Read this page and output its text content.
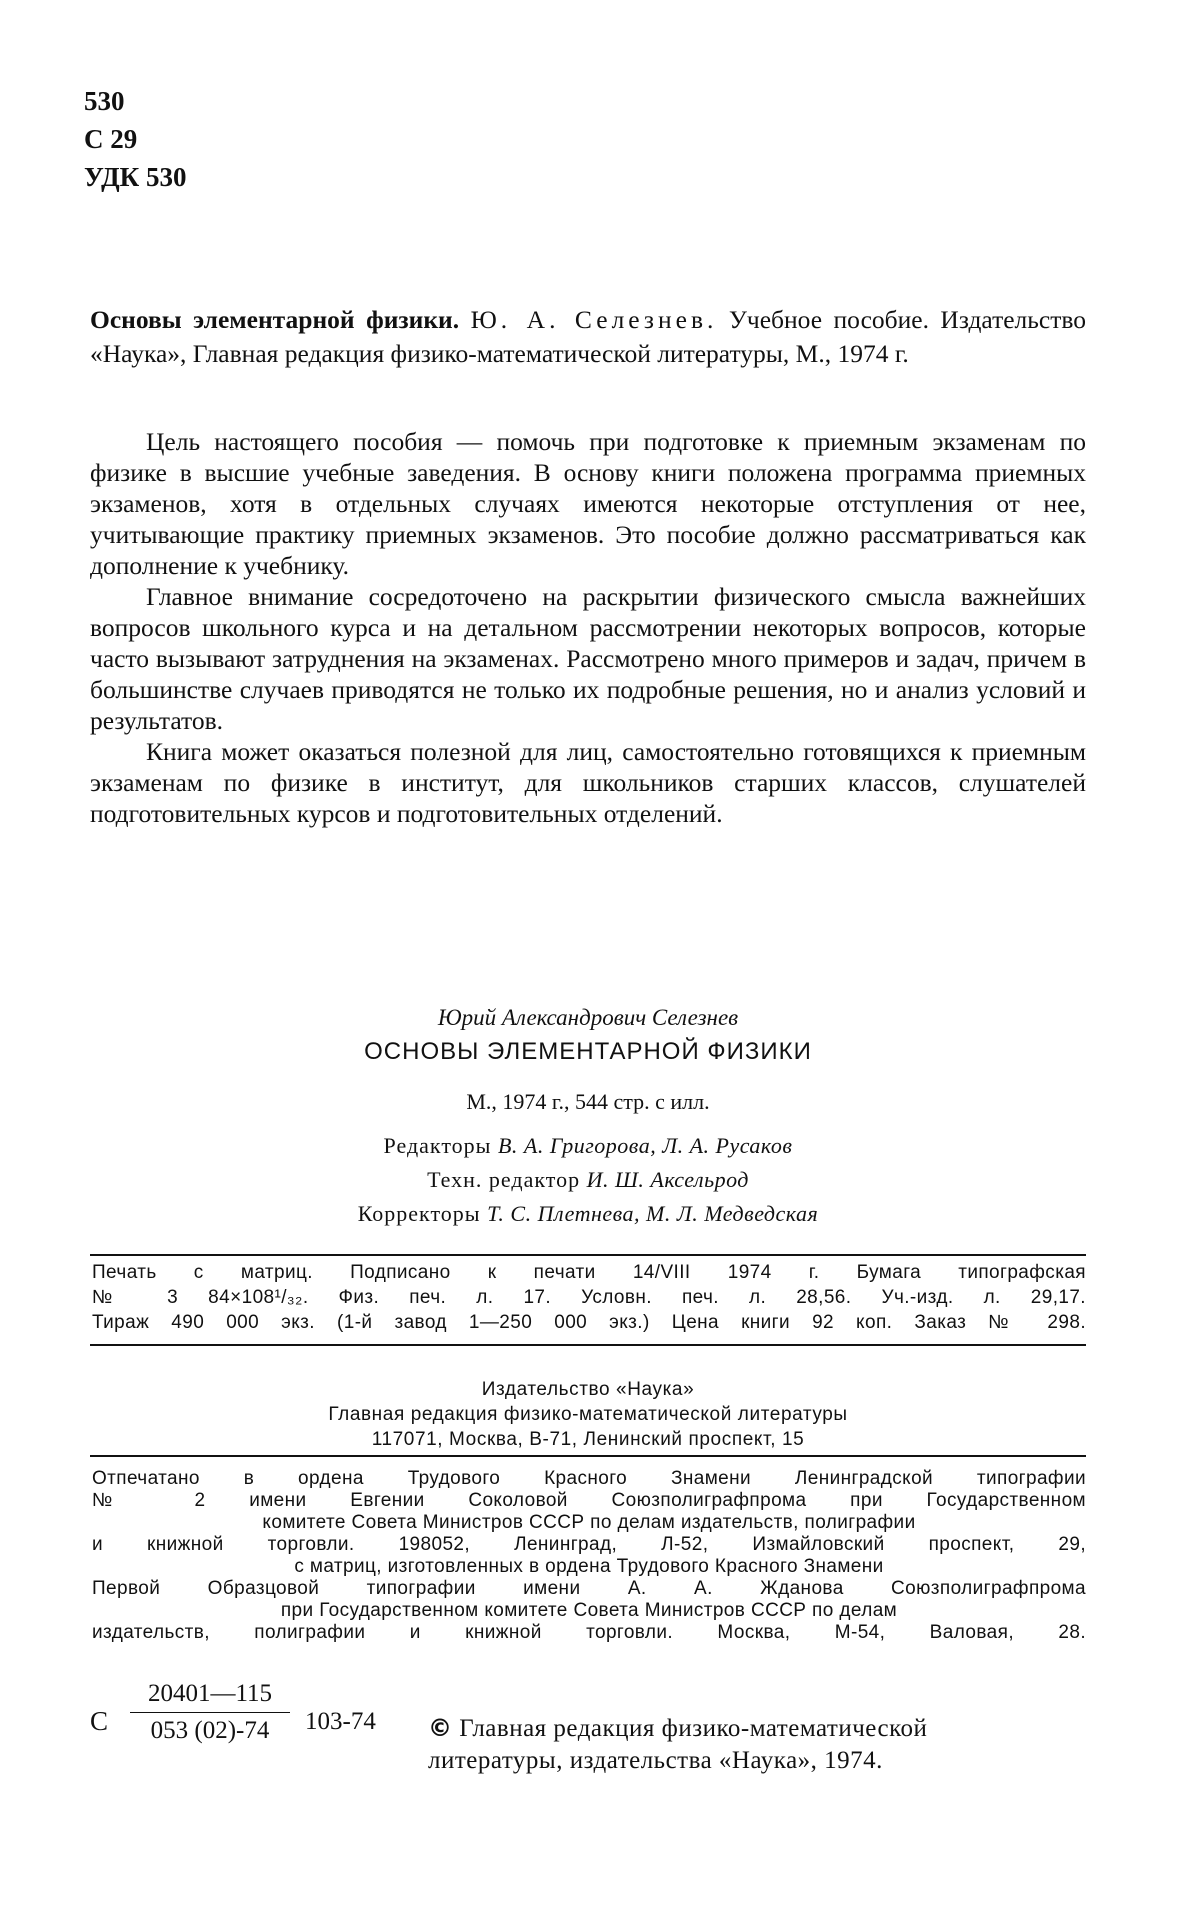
530
С 29
УДК 530
Основы элементарной физики. Ю. А. Селезнев. Учебное пособие. Издательство «Наука», Главная редакция физико-математической литературы, М., 1974 г.

Цель настоящего пособия — помочь при подготовке к приемным экзаменам по физике в высшие учебные заведения. В основу книги положена программа приемных экзаменов, хотя в отдельных случаях имеются некоторые отступления от нее, учитывающие практику приемных экзаменов. Это пособие должно рассматриваться как дополнение к учебнику.

Главное внимание сосредоточено на раскрытии физического смысла важнейших вопросов школьного курса и на детальном рассмотрении некоторых вопросов, которые часто вызывают затруднения на экзаменах. Рассмотрено много примеров и задач, причем в большинстве случаев приводятся не только их подробные решения, но и анализ условий и результатов.

Книга может оказаться полезной для лиц, самостоятельно готовящихся к приемным экзаменам по физике в институт, для школьников старших классов, слушателей подготовительных курсов и подготовительных отделений.

Юрий Александрович Селезнев
ОСНОВЫ ЭЛЕМЕНТАРНОЙ ФИЗИКИ
М., 1974 г., 544 стр. с илл.
Редакторы В. А. Григорова, Л. А. Русаков
Техн. редактор И. Ш. Аксельрод
Корректоры Т. С. Плетнева, М. Л. Медведская
Печать с матриц. Подписано к печати 14/VIII 1974 г. Бумага типографская
№ 3 84×108¹/₃₂. Физ. печ. л. 17. Условн. печ. л. 28,56. Уч.-изд. л. 29,17.
Тираж 490 000 экз. (1-й завод 1—250 000 экз.) Цена книги 92 коп. Заказ № 298.
Издательство «Наука»
Главная редакция физико-математической литературы
117071, Москва, В-71, Ленинский проспект, 15
Отпечатано в ордена Трудового Красного Знамени Ленинградской типографии
№ 2 имени Евгении Соколовой Союзполиграфпрома при Государственном
комитете Совета Министров СССР по делам издательств, полиграфии
и книжной торговли. 198052, Ленинград, Л-52, Измайловский проспект, 29,
с матриц, изготовленных в ордена Трудового Красного Знамени
Первой Образцовой типографии имени А. А. Жданова Союзполиграфпрома
при Государственном комитете Совета Министров СССР по делам
издательств, полиграфии и книжной торговли. Москва, М-54, Валовая, 28.
С
20401—115
053 (02)-74	103-74 © Главная редакция физико-математической
литературы, издательства «Наука», 1974.
